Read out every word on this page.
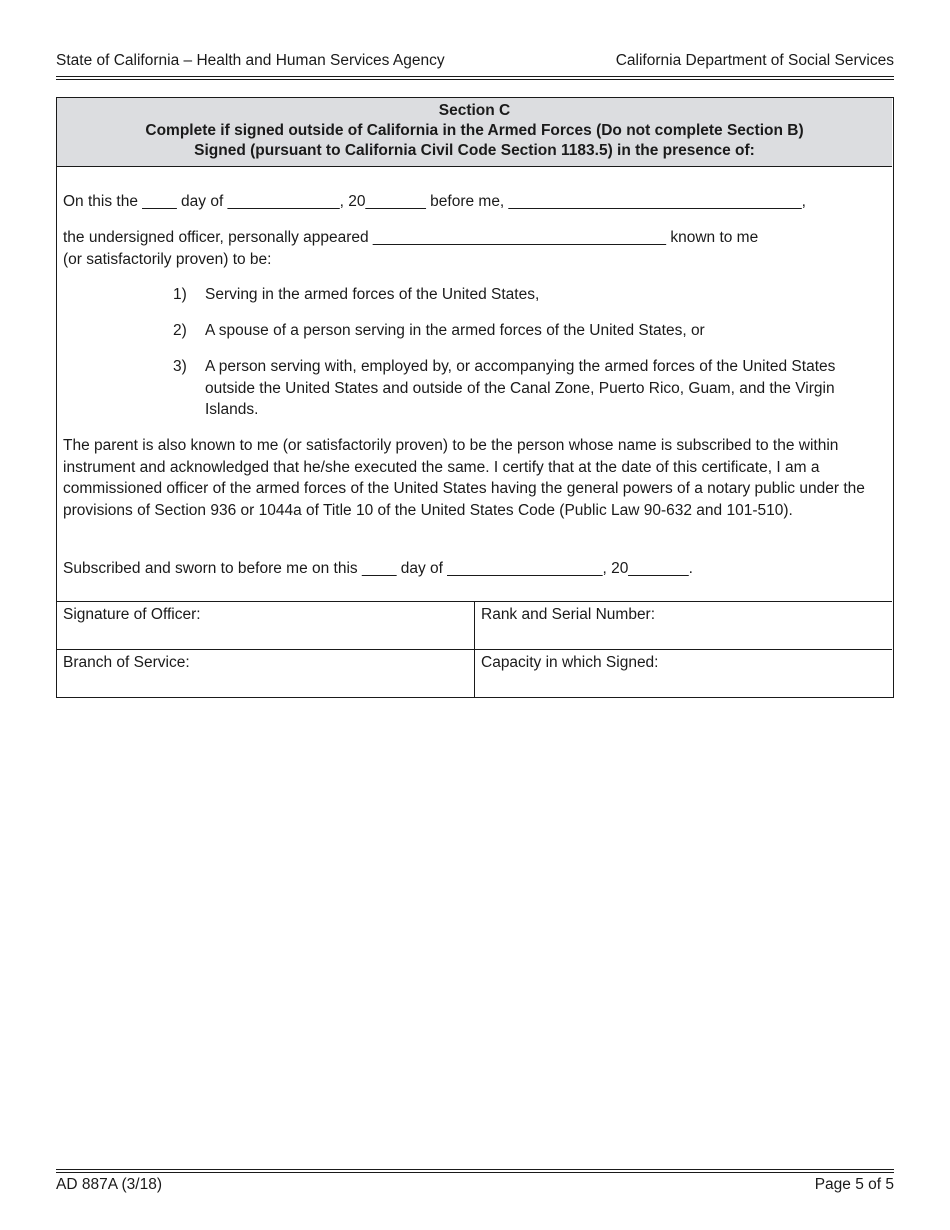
State of California – Health and Human Services Agency	California Department of Social Services
Section C
Complete if signed outside of California in the Armed Forces (Do not complete Section B)
Signed (pursuant to California Civil Code Section 1183.5) in the presence of:
On this the ____ day of _____________, 20_______ before me, __________________________________,
the undersigned officer, personally appeared __________________________________ known to me
(or satisfactorily proven) to be:
1) Serving in the armed forces of the United States,
2) A spouse of a person serving in the armed forces of the United States, or
3) A person serving with, employed by, or accompanying the armed forces of the United States outside the United States and outside of the Canal Zone, Puerto Rico, Guam, and the Virgin Islands.
The parent is also known to me (or satisfactorily proven) to be the person whose name is subscribed to the within instrument and acknowledged that he/she executed the same. I certify that at the date of this certificate, I am a commissioned officer of the armed forces of the United States having the general powers of a notary public under the provisions of Section 936 or 1044a of Title 10 of the United States Code (Public Law 90-632 and 101-510).
Subscribed and sworn to before me on this ____ day of __________________, 20_______.
Signature of Officer:	Rank and Serial Number:
Branch of Service:	Capacity in which Signed:
AD 887A (3/18)	Page 5 of 5
